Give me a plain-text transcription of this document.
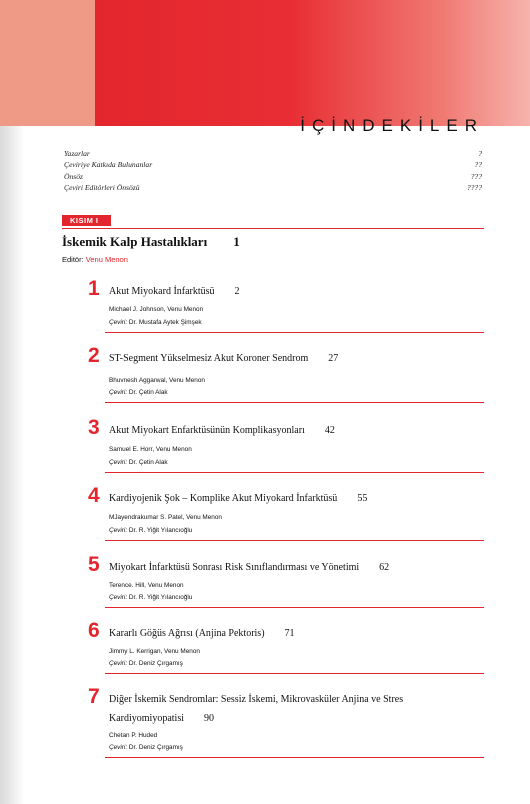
İÇİNDEKİLER
Yazarlar	?
Çeviriye Katkıda Bulunanlar	??
Önsöz	???
Çeviri Editörleri Önsözü	????
KISIM I
İskemik Kalp Hastalıkları 1
Editör: Venu Menon
1 Akut Miyokard İnfarktüsü 2
Michael J. Johnson, Venu Menon
Çeviri: Dr. Mustafa Aytek Şimşek
2 ST-Segment Yükselmesiz Akut Koroner Sendrom 27
Bhuvnesh Aggarwal, Venu Menon
Çeviri: Dr. Çetin Alak
3 Akut Miyokart Enfarktüsünün Komplikasyonları 42
Samuel E. Horr, Venu Menon
Çeviri: Dr. Çetin Alak
4 Kardiyojenik Şok – Komplike Akut Miyokard İnfarktüsü 55
MJayendrakumar S. Patel, Venu Menon
Çeviri: Dr. R. Yiğit Yılancıoğlu
5 Miyokart İnfarktüsü Sonrası Risk Sınıflandırması ve Yönetimi 62
Terence. Hill, Venu Menon
Çeviri: Dr. R. Yiğit Yılancıoğlu
6 Kararlı Göğüs Ağrısı (Anjina Pektoris) 71
Jimmy L. Kerrigan, Venu Menon
Çeviri: Dr. Deniz Çırgamış
7 Diğer İskemik Sendromlar: Sessiz İskemi, Mikrovasküler Anjina ve Stres Kardiyomiyopatisi 90
Chetan P. Huded
Çeviri: Dr. Deniz Çırgamış
